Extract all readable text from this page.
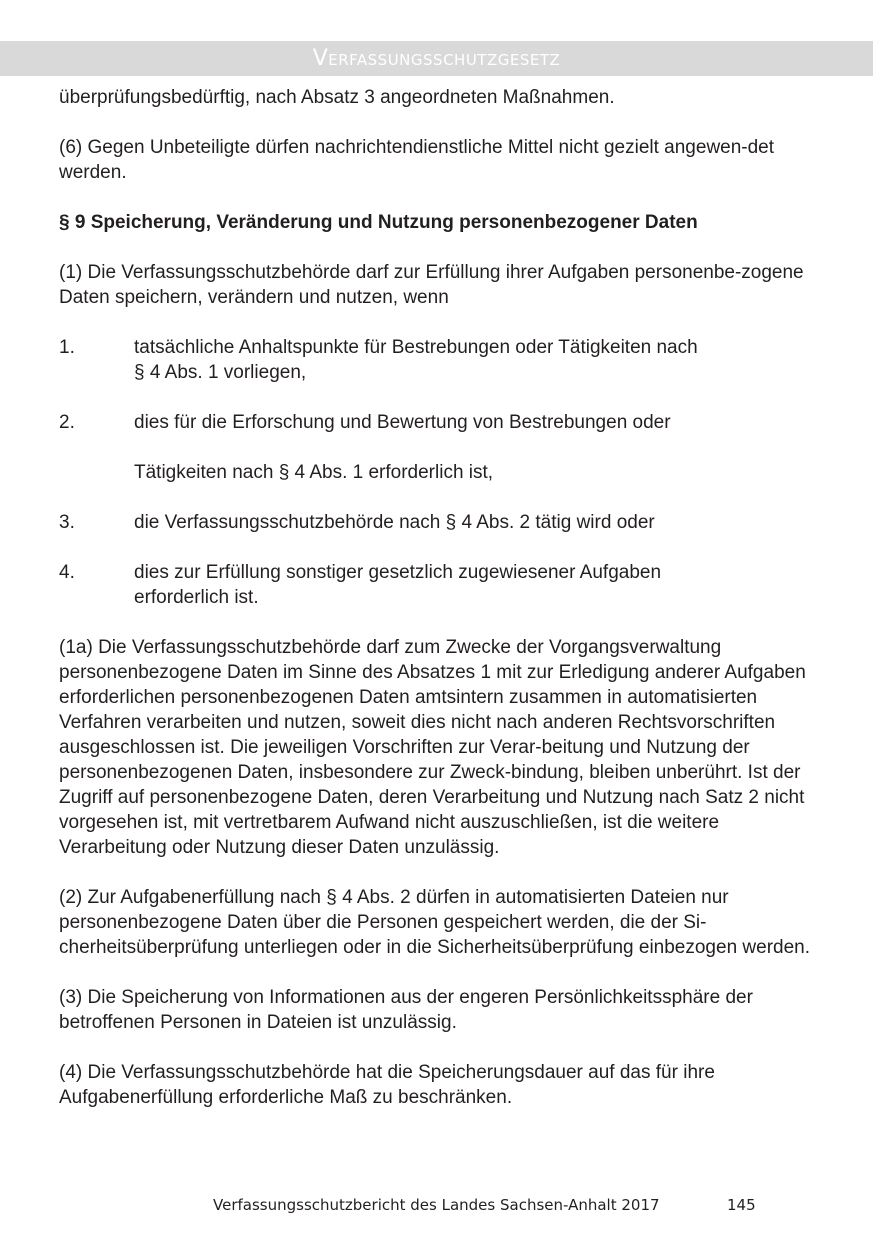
Verfassungsschutzgesetz
überprüfungsbedürftig, nach Absatz 3 angeordneten Maßnahmen.
(6) Gegen Unbeteiligte dürfen nachrichtendienstliche Mittel nicht gezielt angewen-det werden.
§ 9 Speicherung, Veränderung und Nutzung personenbezogener Daten
(1) Die Verfassungsschutzbehörde darf zur Erfüllung ihrer Aufgaben personenbe-zogene Daten speichern, verändern und nutzen, wenn
1.	tatsächliche Anhaltspunkte für Bestrebungen oder Tätigkeiten nach
§ 4 Abs. 1 vorliegen,
2.	dies für die Erforschung und Bewertung von Bestrebungen oder
Tätigkeiten nach § 4 Abs. 1 erforderlich ist,
3.	die Verfassungsschutzbehörde nach § 4 Abs. 2 tätig wird oder
4.	dies zur Erfüllung sonstiger gesetzlich zugewiesener Aufgaben
erforderlich ist.
(1a) Die Verfassungsschutzbehörde darf zum Zwecke der Vorgangsverwaltung personenbezogene Daten im Sinne des Absatzes 1 mit zur Erledigung anderer Aufgaben erforderlichen personenbezogenen Daten amtsintern zusammen in automatisierten Verfahren verarbeiten und nutzen, soweit dies nicht nach anderen Rechtsvorschriften ausgeschlossen ist. Die jeweiligen Vorschriften zur Verar-beitung und Nutzung der personenbezogenen Daten, insbesondere zur Zweck-bindung, bleiben unberührt. Ist der Zugriff auf personenbezogene Daten, deren Verarbeitung und Nutzung nach Satz 2 nicht vorgesehen ist, mit vertretbarem Aufwand nicht auszuschließen, ist die weitere Verarbeitung oder Nutzung dieser Daten unzulässig.
(2) Zur Aufgabenerfüllung nach § 4 Abs. 2 dürfen in automatisierten Dateien nur personenbezogene Daten über die Personen gespeichert werden, die der Si-cherheitsüberprüfung unterliegen oder in die Sicherheitsüberprüfung einbezogen werden.
(3) Die Speicherung von Informationen aus der engeren Persönlichkeitssphäre der betroffenen Personen in Dateien ist unzulässig.
(4) Die Verfassungsschutzbehörde hat die Speicherungsdauer auf das für ihre Aufgabenerfüllung erforderliche Maß zu beschränken.
Verfassungsschutzbericht des Landes Sachsen-Anhalt 2017	145
